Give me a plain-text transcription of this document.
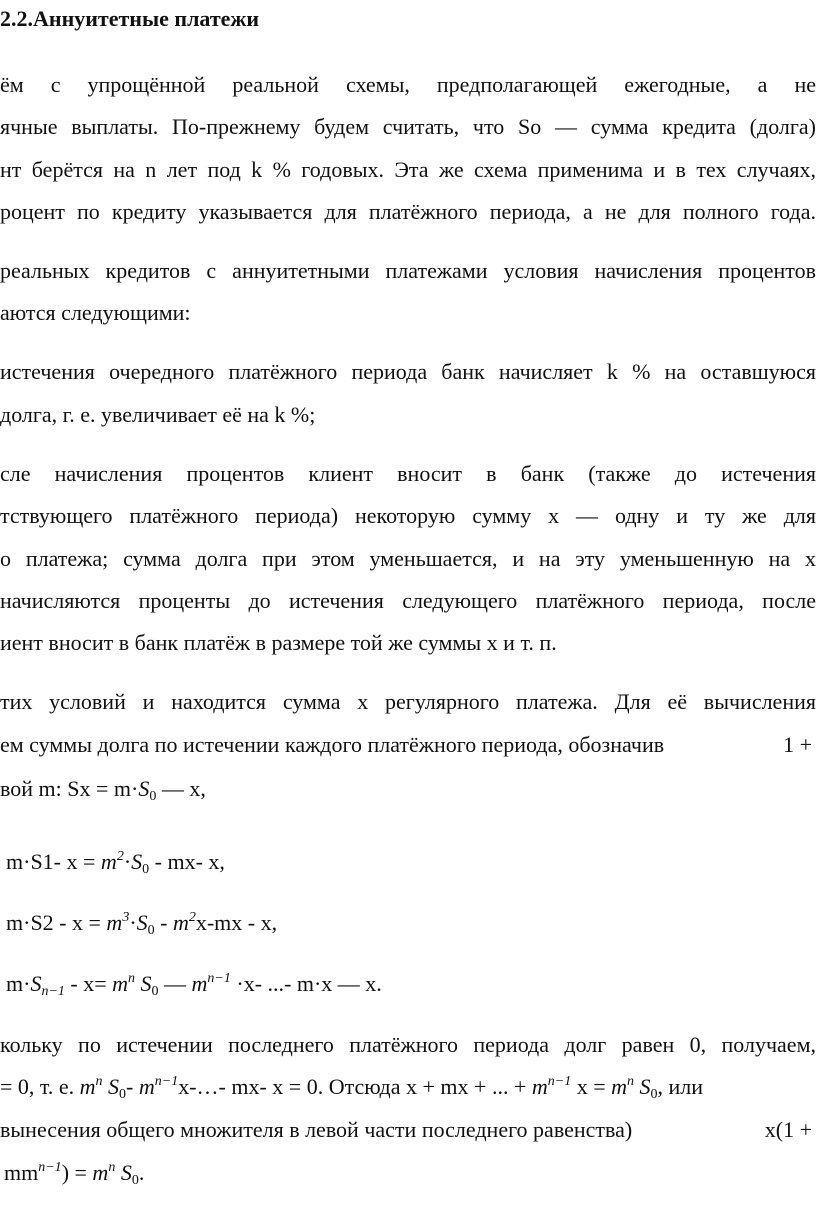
2.2.Аннуитетные платежи
ём с упрощённой реальной схемы, предполагающей ежегодные, а не
ячные выплаты. По-прежнему будем считать, что So — сумма кредита (долга)
нт берётся на n лет под k % годовых. Эта же схема применима и в тех случаях,
роцент по кредиту указывается для платёжного периода, а не для полного года.
реальных кредитов с аннуитетными платежами условия начисления процентов
аются следующими:
истечения очередного платёжного периода банк начисляет k % на оставшуюся
долга, г. е. увеличивает её на k %;
сле начисления процентов клиент вносит в банк (также до истечения
тствующего платёжного периода) некоторую сумму х — одну и ту же для
о платежа; сумма долга при этом уменьшается, и на эту уменьшенную на х
начисляются проценты до истечения следующего платёжного периода, после
иент вносит в банк платёж в размере той же суммы х и т. п.
тих условий и находится сумма х регулярного платежа. Для её вычисления
ем суммы долга по истечении каждого платёжного периода, обозначив	1 +
вой m: $Sx = m\cdot S_0$ — х,
m·S1- $x = m^2\cdot S_0 - mx-$ x,
$m\cdot S2 - x = m^3\cdot S_0 - m^2x-mx - x$,
$m\cdot S_{n-1} - x= m^n$ $S_0$ — $m^{n-1} \cdot x-$ ...- m·x — x.
кольку по истечении последнего платёжного периода долг равен 0, получаем,
= 0, т. е. $m^n$ $S_0-$ $m^{n-1}x-\dots-$ mx- x = 0. Отсюда x + mx + ... + $m^{n-1}$ $x = m^n$ $S_0$, или
вынесения общего множителя в левой части последнего равенства)	x(1 +
$mm^{n-1}) = m^n$ $S_0$.
